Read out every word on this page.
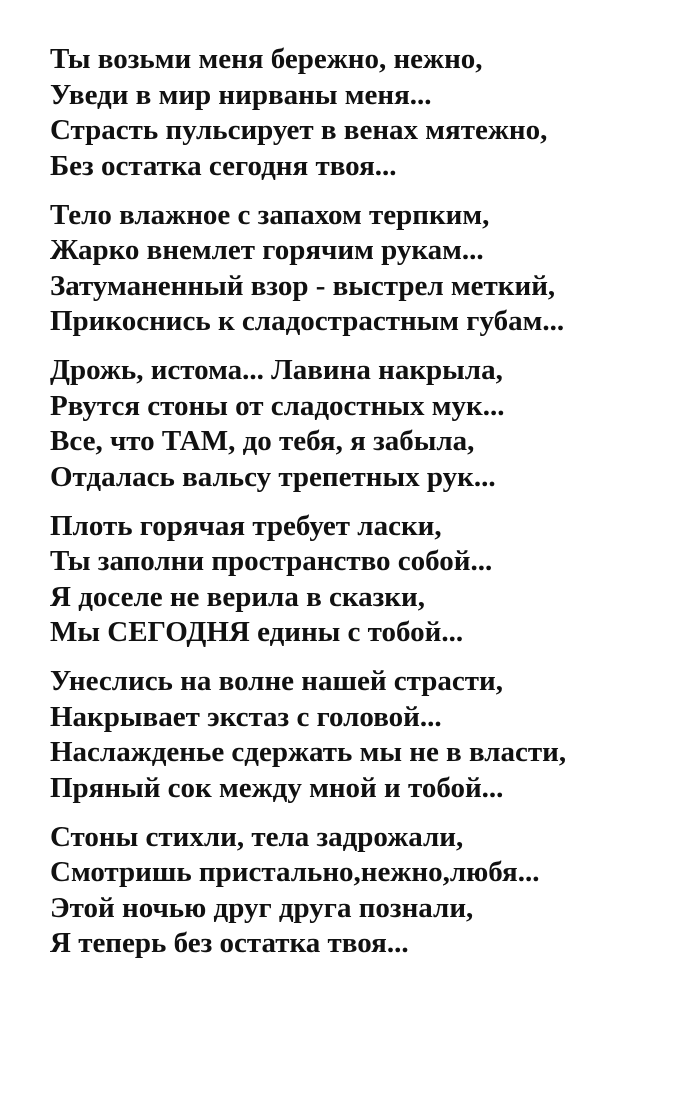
Ты возьми меня бережно, нежно,
Уведи в мир нирваны меня...
Страсть пульсирует в венах мятежно,
Без остатка сегодня твоя...
Тело влажное с запахом терпким,
Жарко внемлет горячим рукам...
Затуманенный взор - выстрел меткий,
Прикоснись к сладострастным губам...
Дрожь, истома... Лавина накрыла,
Рвутся стоны от сладостных мук...
Все, что ТАМ, до тебя, я забыла,
Отдалась вальсу трепетных рук...
Плоть горячая требует ласки,
Ты заполни пространство собой...
Я доселе не верила в сказки,
Мы СЕГОДНЯ едины с тобой...
Унеслись на волне нашей страсти,
Накрывает экстаз с головой...
Наслажденье сдержать мы не в власти,
Пряный сок между мной и тобой...
Стоны стихли, тела задрожали,
Смотришь пристально,нежно,любя...
Этой ночью друг друга познали,
Я теперь без остатка твоя...
